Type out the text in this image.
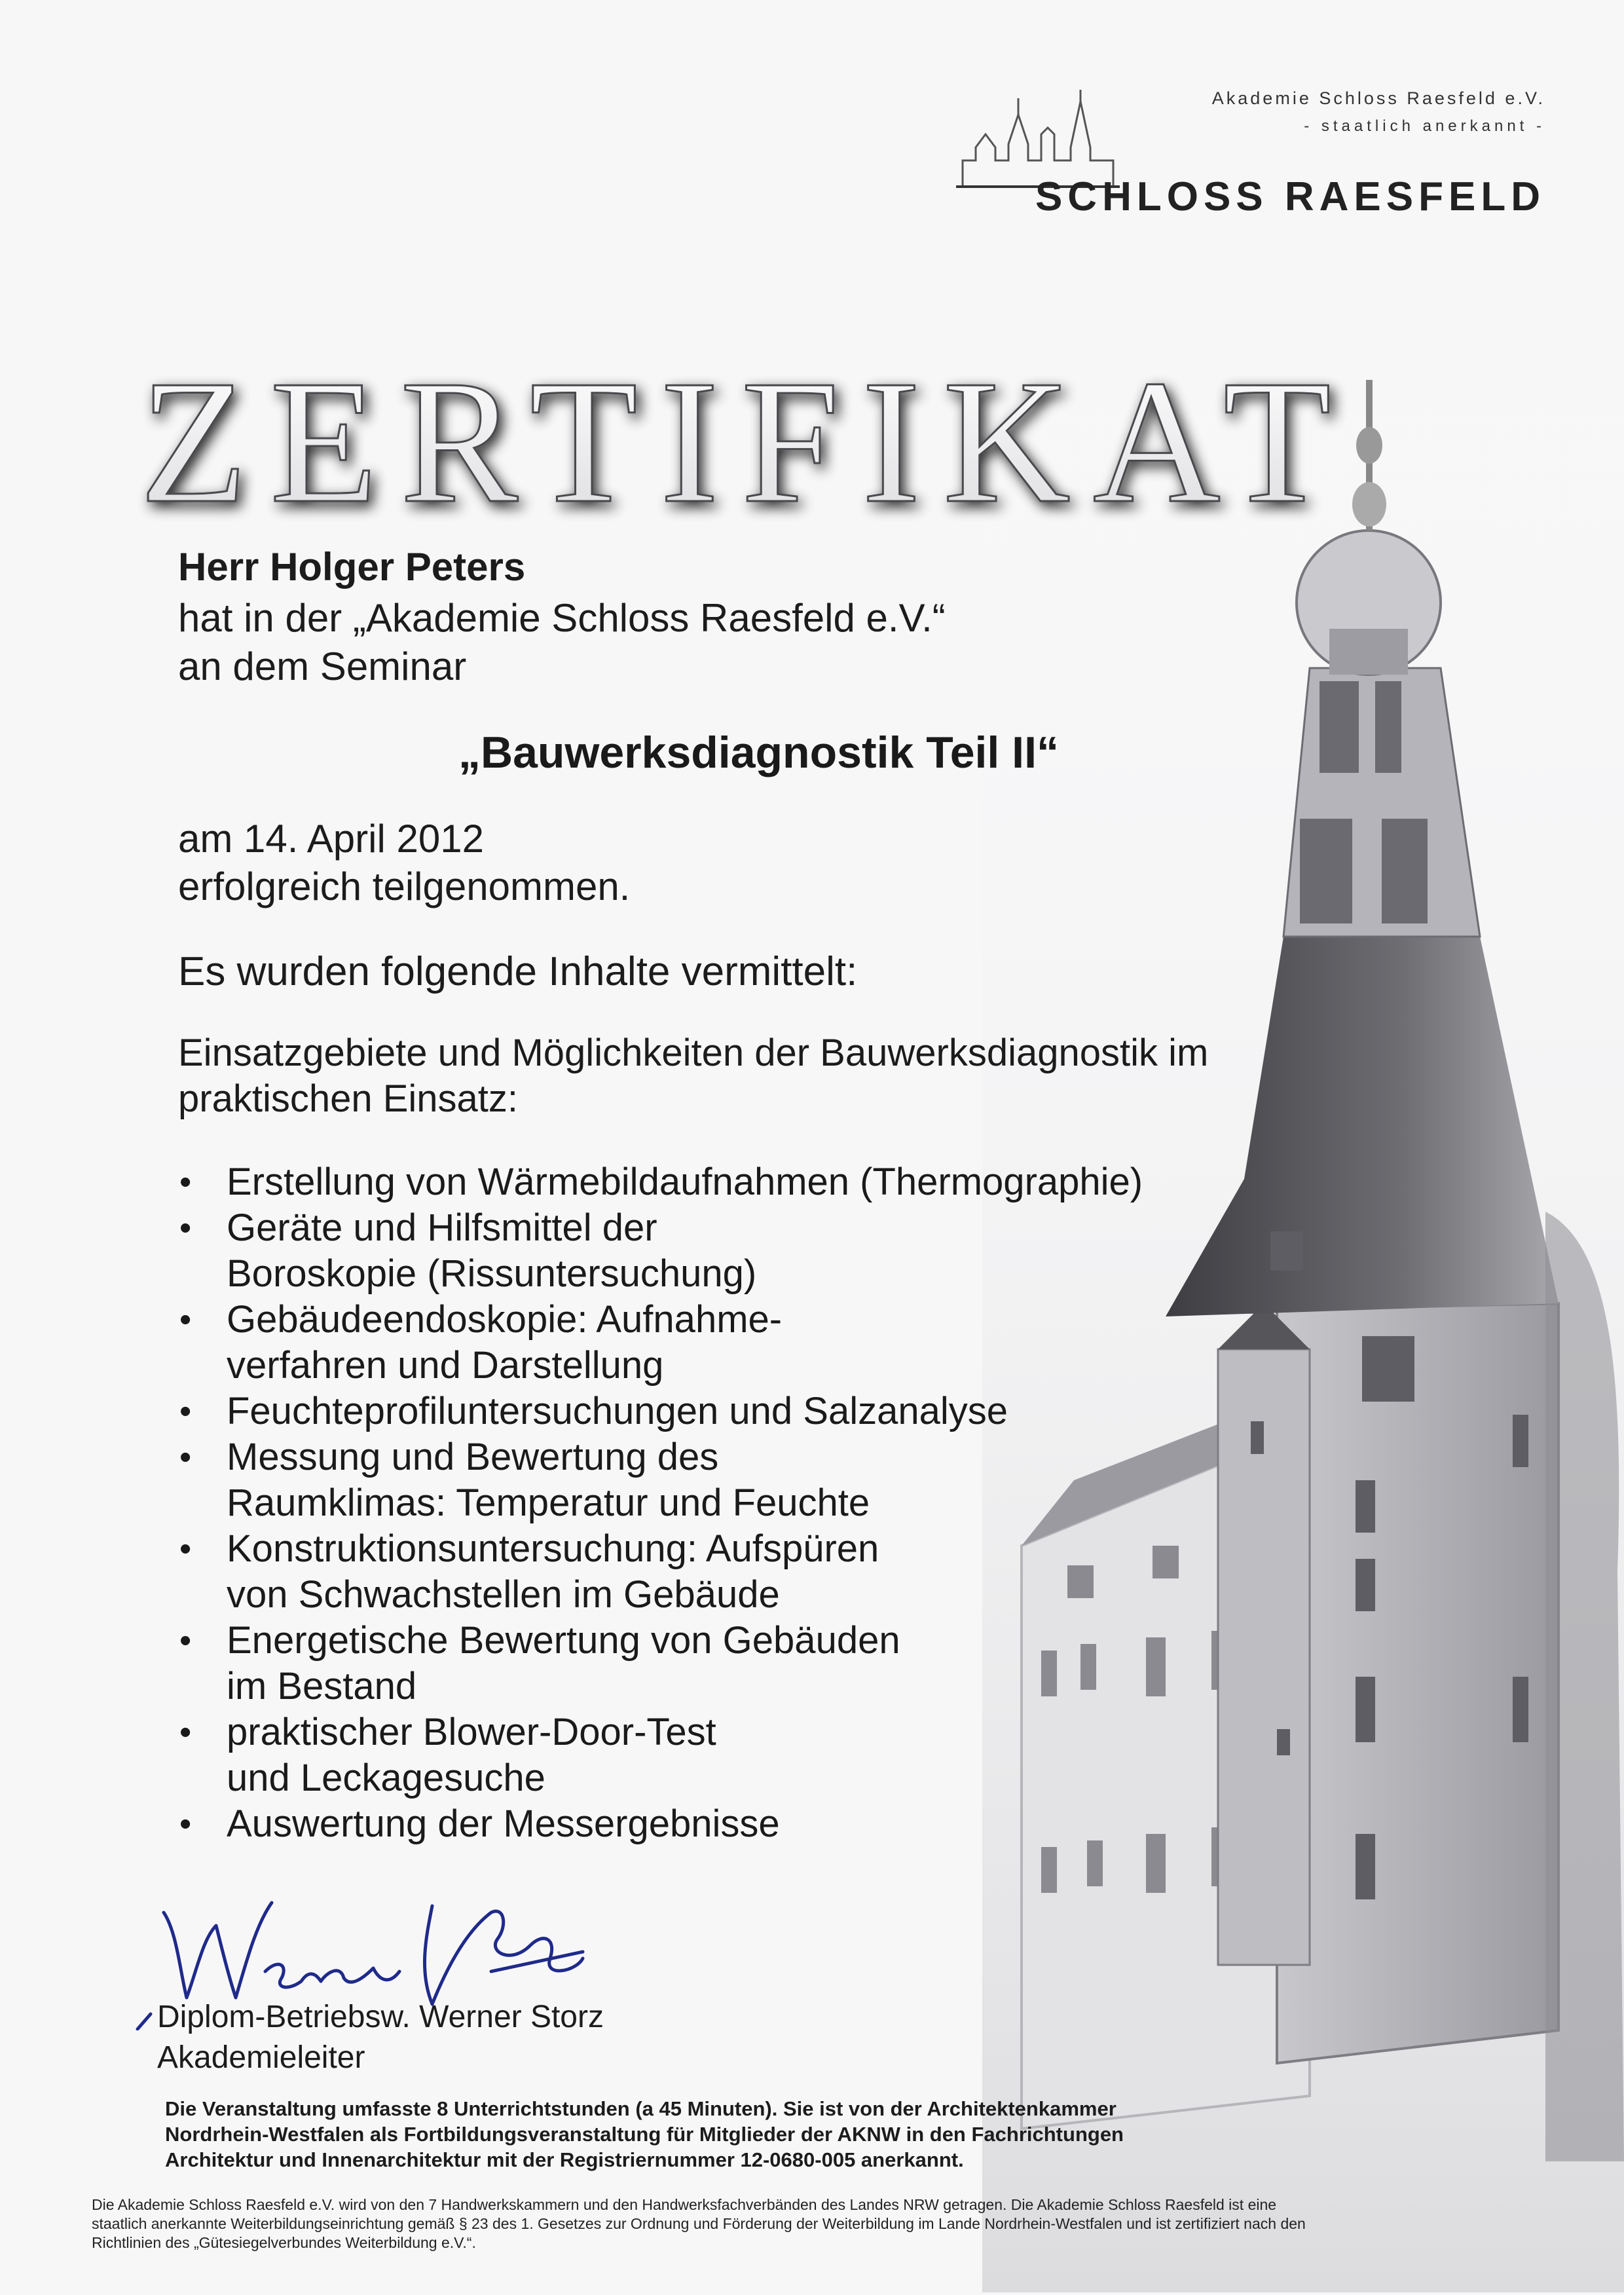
Akademie Schloss Raesfeld e.V.
- staatlich anerkannt -
SCHLOSS RAESFELD
ZERTIFIKAT
Herr Holger Peters
hat in der „Akademie Schloss Raesfeld e.V.“
an dem Seminar
„Bauwerksdiagnostik Teil II“
am 14. April 2012
erfolgreich teilgenommen.
Es wurden folgende Inhalte vermittelt:
Einsatzgebiete und Möglichkeiten der Bauwerksdiagnostik im praktischen Einsatz:
• Erstellung von Wärmebildaufnahmen (Thermographie)
• Geräte und Hilfsmittel der
Boroskopie (Rissuntersuchung)
• Gebäudeendoskopie: Aufnahme-
verfahren und Darstellung
• Feuchteprofiluntersuchungen und Salzanalyse
• Messung und Bewertung des
Raumklimas: Temperatur und Feuchte
• Konstruktionsuntersuchung: Aufspüren
von Schwachstellen im Gebäude
• Energetische Bewertung von Gebäuden
im Bestand
• praktischer Blower-Door-Test
und Leckagesuche
• Auswertung der Messergebnisse
Diplom-Betriebsw. Werner Storz
Akademieleiter
Die Veranstaltung umfasste 8 Unterrichtstunden (a 45 Minuten). Sie ist von der Architektenkammer Nordrhein-Westfalen als Fortbildungsveranstaltung für Mitglieder der AKNW in den Fachrichtungen Architektur und Innenarchitektur mit der Registriernummer 12-0680-005 anerkannt.
Die Akademie Schloss Raesfeld e.V. wird von den 7 Handwerkskammern und den Handwerksfachverbänden des Landes NRW getragen. Die Akademie Schloss Raesfeld ist eine staatlich anerkannte Weiterbildungseinrichtung gemäß § 23 des 1. Gesetzes zur Ordnung und Förderung der Weiterbildung im Lande Nordrhein-Westfalen und ist zertifiziert nach den Richtlinien des „Gütesiegelverbundes Weiterbildung e.V.“.
